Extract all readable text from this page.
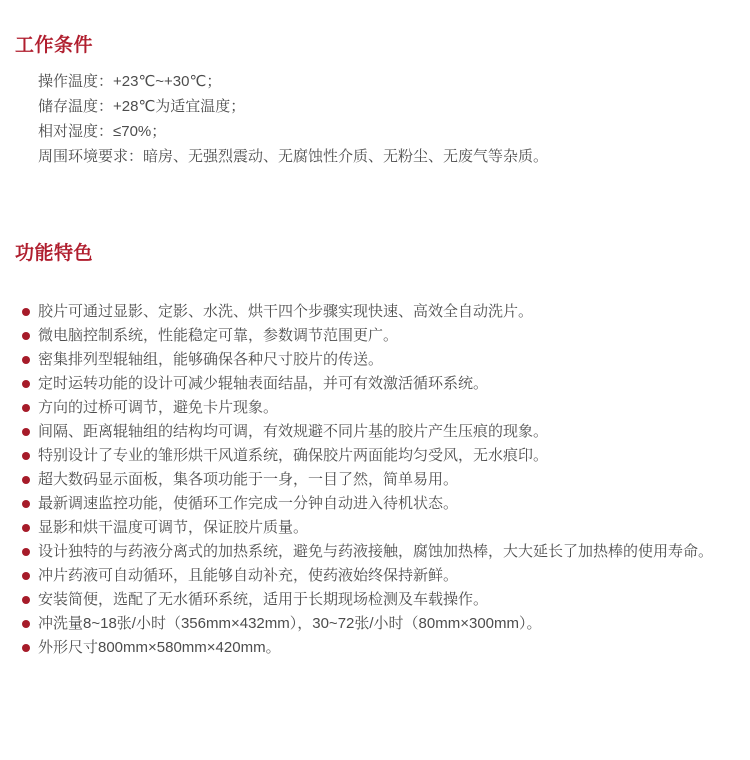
工作条件

操作温度：+23℃~+30℃；

储存温度：+28℃为适宜温度；

相对湿度：≤70%；

周围环境要求：暗房、无强烈震动、无腐蚀性介质、无粉尘、无废气等杂质。

功能特色
胶片可通过显影、定影、水洗、烘干四个步骤实现快速、高效全自动洗片。
微电脑控制系统，性能稳定可靠，参数调节范围更广。
密集排列型辊轴组，能够确保各种尺寸胶片的传送。
定时运转功能的设计可减少辊轴表面结晶，并可有效激活循环系统。
方向的过桥可调节，避免卡片现象。
间隔、距离辊轴组的结构均可调，有效规避不同片基的胶片产生压痕的现象。
特别设计了专业的雏形烘干风道系统，确保胶片两面能均匀受风，无水痕印。
超大数码显示面板，集各项功能于一身，一目了然，简单易用。
最新调速监控功能，使循环工作完成一分钟自动进入待机状态。
显影和烘干温度可调节，保证胶片质量。
设计独特的与药液分离式的加热系统，避免与药液接触，腐蚀加热棒，大大延长了加热棒的使用寿命。
冲片药液可自动循环，且能够自动补充，使药液始终保持新鲜。
安装简便，选配了无水循环系统，适用于长期现场检测及车载操作。
冲洗量8~18张/小时（356mm×432mm），30~72张/小时（80mm×300mm）。
外形尺寸800mm×580mm×420mm。
